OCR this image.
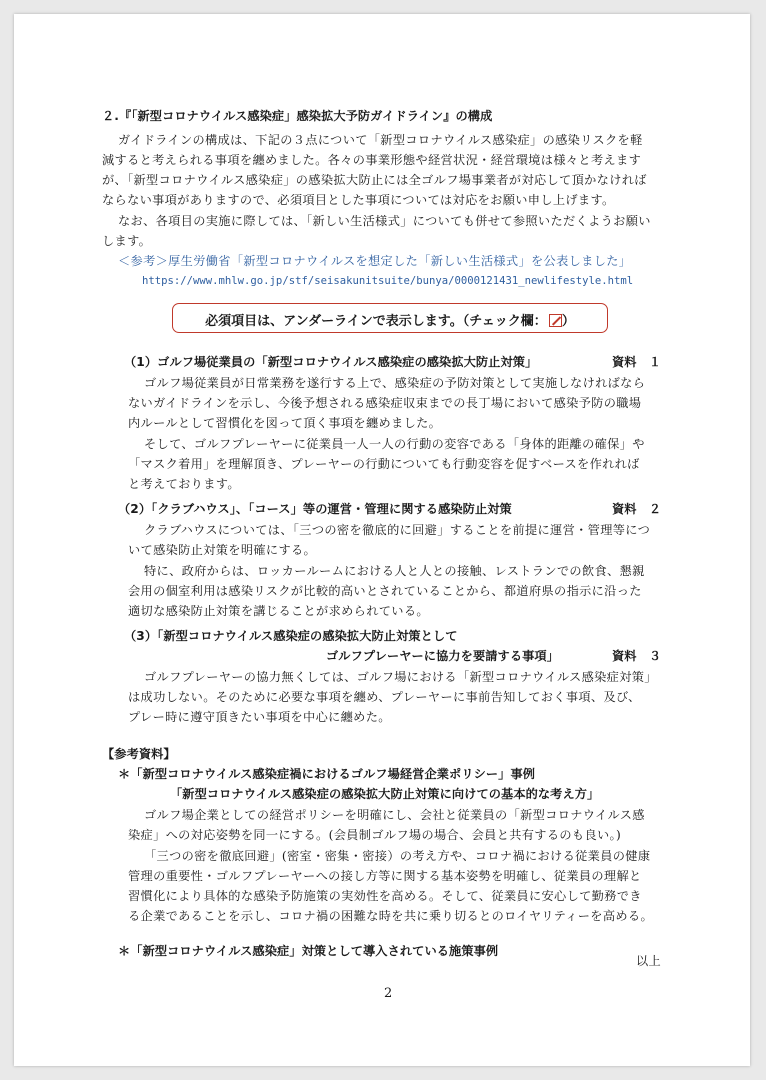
２.『「新型コロナウイルス感染症」感染拡大予防ガイドライン』の構成
ガイドラインの構成は、下記の３点について「新型コロナウイルス感染症」の感染リスクを軽
減すると考えられる事項を纏めました。各々の事業形態や経営状況・経営環境は様々と考えます
が、「新型コロナウイルス感染症」の感染拡大防止には全ゴルフ場事業者が対応して頂かなければ
ならない事項がありますので、必須項目とした事項については対応をお願い申し上げます。
なお、各項目の実施に際しては、「新しい生活様式」についても併せて参照いただくようお願い
します。
＜参考＞厚生労働省「新型コロナウイルスを想定した「新しい生活様式」を公表しました」
https://www.mhlw.go.jp/stf/seisakunitsuite/bunya/0000121431_newlifestyle.html
必須項目は、アンダーラインで表示します。（チェック欄： ）
（1）ゴルフ場従業員の「新型コロナウイルス感染症の感染拡大防止対策」	資料　１
ゴルフ場従業員が日常業務を遂行する上で、感染症の予防対策として実施しなければなら
ないガイドラインを示し、今後予想される感染症収束までの長丁場において感染予防の職場
内ルールとして習慣化を図って頂く事項を纏めました。
そして、ゴルフプレーヤーに従業員一人一人の行動の変容である「身体的距離の確保」や
「マスク着用」を理解頂き、プレーヤーの行動についても行動変容を促すベースを作れれば
と考えております。
（2）「クラブハウス」、「コース」等の運営・管理に関する感染防止対策	資料　２
クラブハウスについては、「三つの密を徹底的に回避」することを前提に運営・管理等につ
いて感染防止対策を明確にする。
特に、政府からは、ロッカールームにおける人と人との接触、レストランでの飲食、懇親
会用の個室利用は感染リスクが比較的高いとされていることから、都道府県の指示に沿った
適切な感染防止対策を講じることが求められている。
（3）「新型コロナウイルス感染症の感染拡大防止対策として
ゴルフプレーヤーに協力を要請する事項」	資料　３
ゴルフプレーヤーの協力無くしては、ゴルフ場における「新型コロナウイルス感染症対策」
は成功しない。そのために必要な事項を纏め、プレーヤーに事前告知しておく事項、及び、
プレー時に遵守頂きたい事項を中心に纏めた。
【参考資料】
＊「新型コロナウイルス感染症禍におけるゴルフ場経営企業ポリシー」事例
「新型コロナウイルス感染症の感染拡大防止対策に向けての基本的な考え方」
ゴルフ場企業としての経営ポリシーを明確にし、会社と従業員の「新型コロナウイルス感
染症」への対応姿勢を同一にする。(会員制ゴルフ場の場合、会員と共有するのも良い。)
「三つの密を徹底回避」(密室・密集・密接）の考え方や、コロナ禍における従業員の健康
管理の重要性・ゴルフプレーヤーへの接し方等に関する基本姿勢を明確し、従業員の理解と
習慣化により具体的な感染予防施策の実効性を高める。そして、従業員に安心して勤務でき
る企業であることを示し、コロナ禍の困難な時を共に乗り切るとのロイヤリティーを高める。
＊「新型コロナウイルス感染症」対策として導入されている施策事例
以上
2
